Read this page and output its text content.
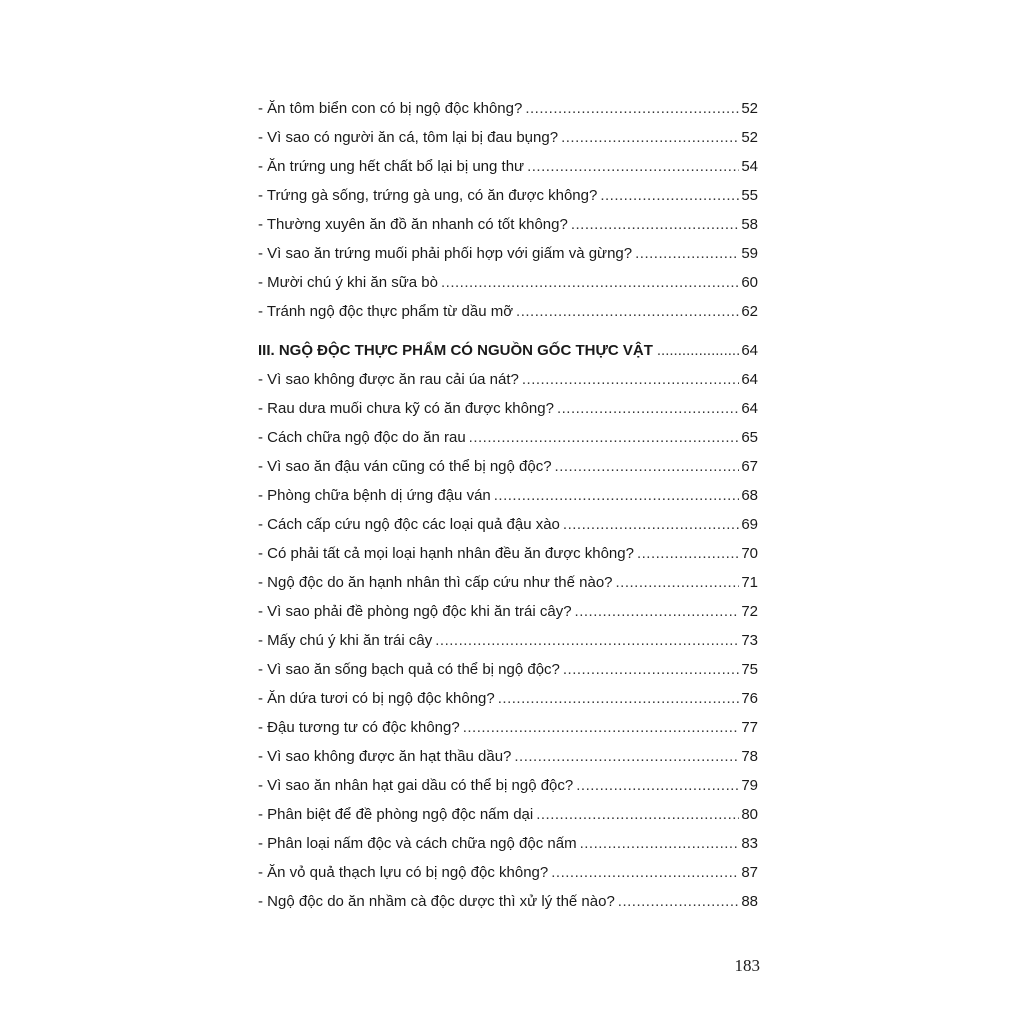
- Ăn tôm biển con có bị ngộ độc không? .....	52
- Vì sao có người ăn cá, tôm lại bị đau bụng? .....	52
- Ăn trứng ung hết chất bổ lại bị ung thư .....	54
- Trứng gà sống, trứng gà ung, có ăn được không? .....	55
- Thường xuyên ăn đồ ăn nhanh có tốt không? .....	58
- Vì sao ăn trứng muối phải phối hợp với giấm và gừng? .....	59
- Mười chú ý khi ăn sữa bò .....	60
- Tránh ngộ độc thực phẩm từ dầu mỡ .....	62
III. NGỘ ĐỘC THỰC PHẨM CÓ NGUỒN GỐC THỰC VẬT .....	64
- Vì sao không được ăn rau cải úa nát? .....	64
- Rau dưa muối chưa kỹ có ăn được không? .....	64
- Cách chữa ngộ độc do ăn rau .....	65
- Vì sao ăn đậu ván cũng có thể bị ngộ độc? .....	67
- Phòng chữa bệnh dị ứng đậu ván .....	68
- Cách cấp cứu ngộ độc các loại quả đậu xào .....	69
- Có phải tất cả mọi loại hạnh nhân đều ăn được không? .....	70
- Ngộ độc do ăn hạnh nhân thì cấp cứu như thế nào? .....	71
- Vì sao phải đề phòng ngộ độc khi ăn trái cây? .....	72
- Mấy chú ý khi ăn trái cây .....	73
- Vì sao ăn sống bạch quả có thể bị ngộ độc? .....	75
- Ăn dứa tươi có bị ngộ độc không? .....	76
- Đậu tương tư có độc không? .....	77
- Vì sao không được ăn hạt thầu dầu? .....	78
- Vì sao ăn nhân hạt gai dầu có thể bị ngộ độc? .....	79
- Phân biệt để đề phòng ngộ độc nấm dại .....	80
- Phân loại nấm độc và cách chữa ngộ độc nấm .....	83
- Ăn vỏ quả thạch lựu có bị ngộ độc không? .....	87
- Ngộ độc do ăn nhầm cà độc dược thì xử lý thế nào? .....	88
183
